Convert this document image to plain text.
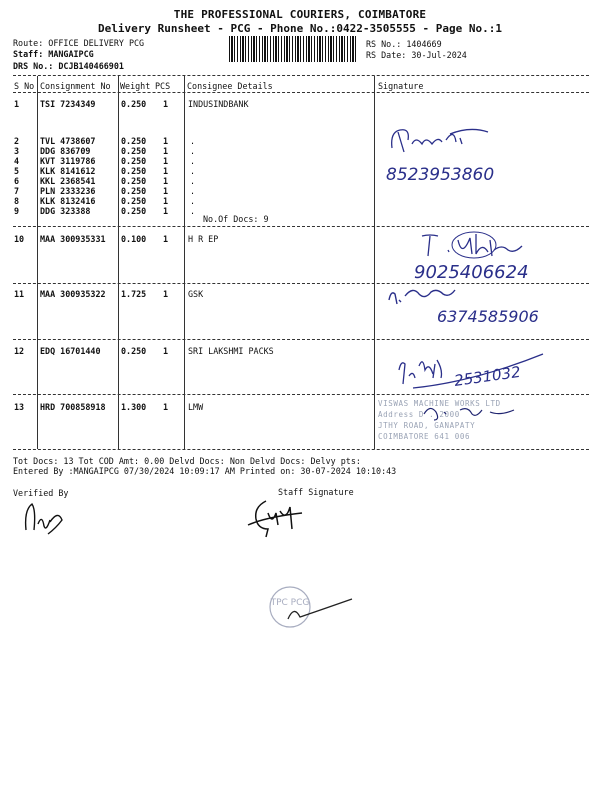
THE PROFESSIONAL COURIERS, COIMBATORE
Delivery Runsheet - PCG - Phone No.:0422-3505555 - Page No.:1
Route: OFFICE DELIVERY PCG
Staff: MANGAIPCG
DRS No.: DCJB140466901
RS No.: 1404669
RS Date: 30-Jul-2024
S No Consignment No Weight PCS Consignee Details	Signature
1 TSI 7234349	0.250 1 INDUSINDBANK
2 TVL 4738607	0.250 1	.
3 DDG 836709	0.250 1	.
4 KVT 3119786	0.250 1	.
5 KLK 8141612	0.250 1	.
6 KKL 2368541	0.250 1	.
7 PLN 2333236	0.250 1	.
8 KLK 8132416	0.250 1	.
9 DDG 323388	0.250 1	.
No.Of Docs: 9
10 MAA 300935331 0.100 1 H R EP
11 MAA 300935322 1.725 1 GSK
12 EDQ 16701440 0.250 1 SRI LAKSHMI PACKS
13 HRD 700858918 1.300 1 LMW
8523953860
9025406624
6374585906
2531032
VISWAS MACHINE WORKS LTD
Address D . 2000
JTHY ROAD, GANAPATY
COIMBATORE 641 006
Tot Docs: 13 Tot COD Amt: 0.00 Delvd Docs: Non Delvd Docs: Delvy pts:
Entered By :MANGAIPCG 07/30/2024 10:09:17 AM Printed on: 30-07-2024 10:10:43
Verified By	Staff Signature
TPC PCG
